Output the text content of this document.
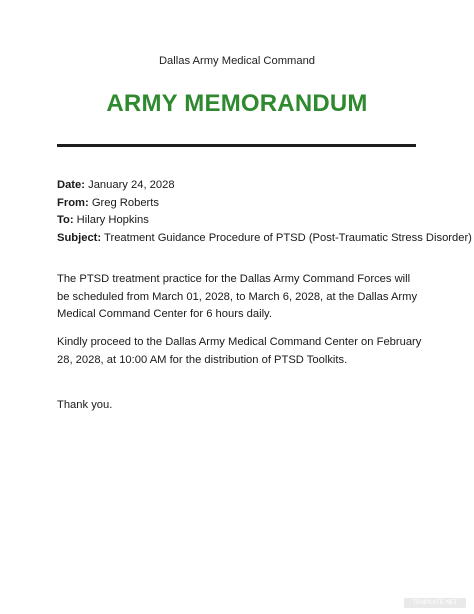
Dallas Army Medical Command
ARMY MEMORANDUM
Date: January 24, 2028
From: Greg Roberts
To: Hilary Hopkins
Subject: Treatment Guidance Procedure of PTSD (Post-Traumatic Stress Disorder)
The PTSD treatment practice for the Dallas Army Command Forces will be scheduled from March 01, 2028, to March 6, 2028, at the Dallas Army Medical Command Center for 6 hours daily.
Kindly proceed to the Dallas Army Medical Command Center on February 28, 2028, at 10:00 AM for the distribution of PTSD Toolkits.
Thank you.
TEMPLATE.NET
